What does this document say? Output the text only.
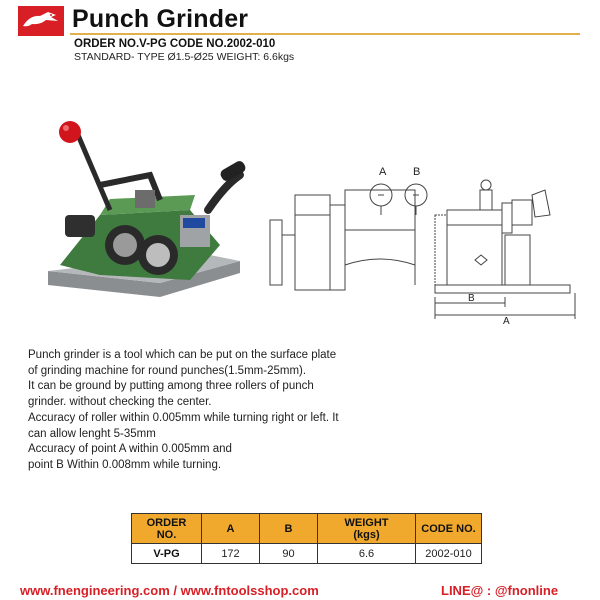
Punch Grinder
ORDER NO.V-PG CODE NO.2002-010
STANDARD- TYPE Ø1.5-Ø25 WEIGHT: 6.6kgs
A B
B
A

Punch grinder is a tool which can be put on the surface plate

of grinding machine for round punches(1.5mm-25mm).

It can be ground by putting among three rollers of punch

grinder. without checking the center.

Accuracy of roller within 0.005mm while turning right or left. It

can allow lenght 5-35mm

Accuracy of point A within 0.005mm and

point B Within 0.008mm while turning.

ORDER
NO.	A	B	WEIGHT
(kgs)	CODE NO.
V-PG	172	90	6.6	2002-010
www.fnengineering.com / www.fntoolsshop.com	LINE@ : @fnonline
